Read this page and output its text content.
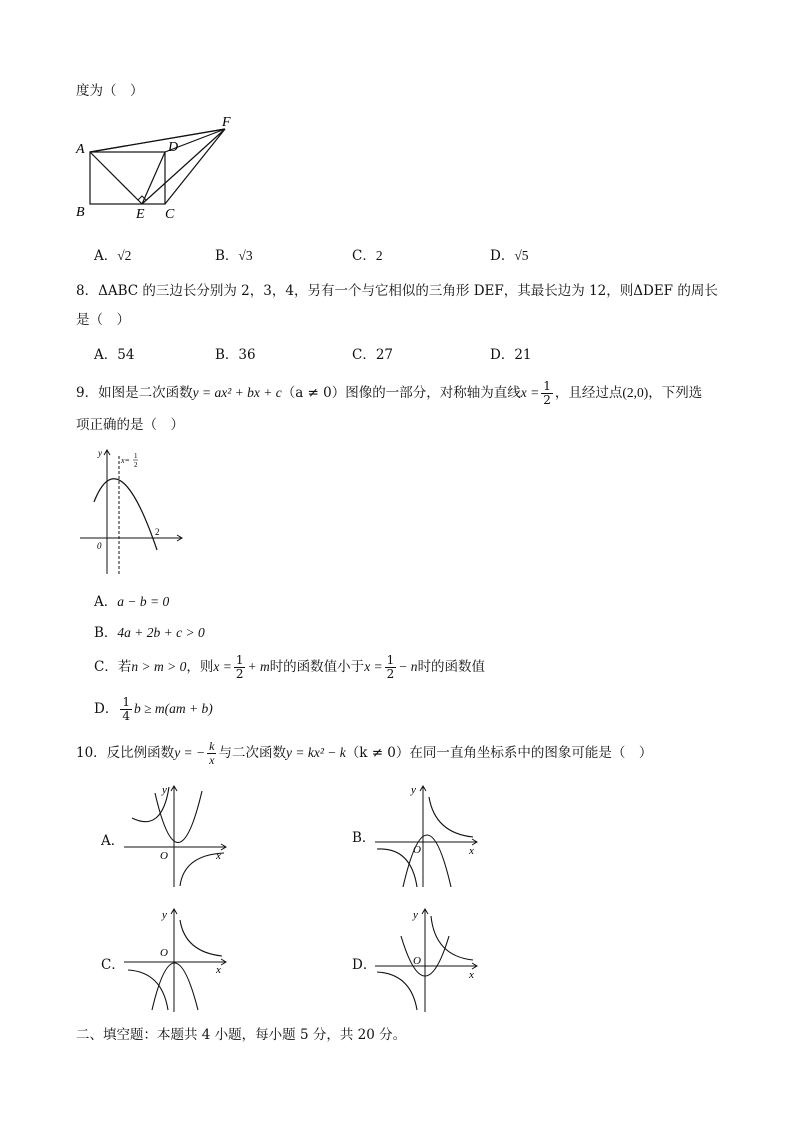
度为（　）
A	D
F
B	E C
A．√2	B．√3	C．2	D．√5
8．ΔABC 的三边长分别为 2，3，4，另有一个与它相似的三角形 DEF，其最长边为 12，则ΔDEF 的周长
是（　）
A．54	B．36	C．27	D．21
9．如图是二次函数y = ax² + bx + c（a ≠ 0）图像的一部分，对称轴为直线$x = \frac{1}{2}$ ，且经过点(2,0)，下列选
项正确的是（　）
y
x= 1
2
0
2
A．a − b = 0
B．4a + 2b + c > 0
C．若n > m > 0，则$x = \frac{1}{2} + m$时的函数值小于$x = \frac{1}{2} - n$时的函数值
D． $\frac{1}{4}$ b ≥ m(am + b)
10．反比例函数y = − $\frac{k}{x}$ 与二次函数y = kx² − k（k ≠ 0）在同一直角坐标系中的图象可能是（　）
A．
y
x
O
B．
y
x
O
C．
y
x
O
D．
y
x
O
二、填空题：本题共 4 小题，每小题 5 分，共 20 分。
